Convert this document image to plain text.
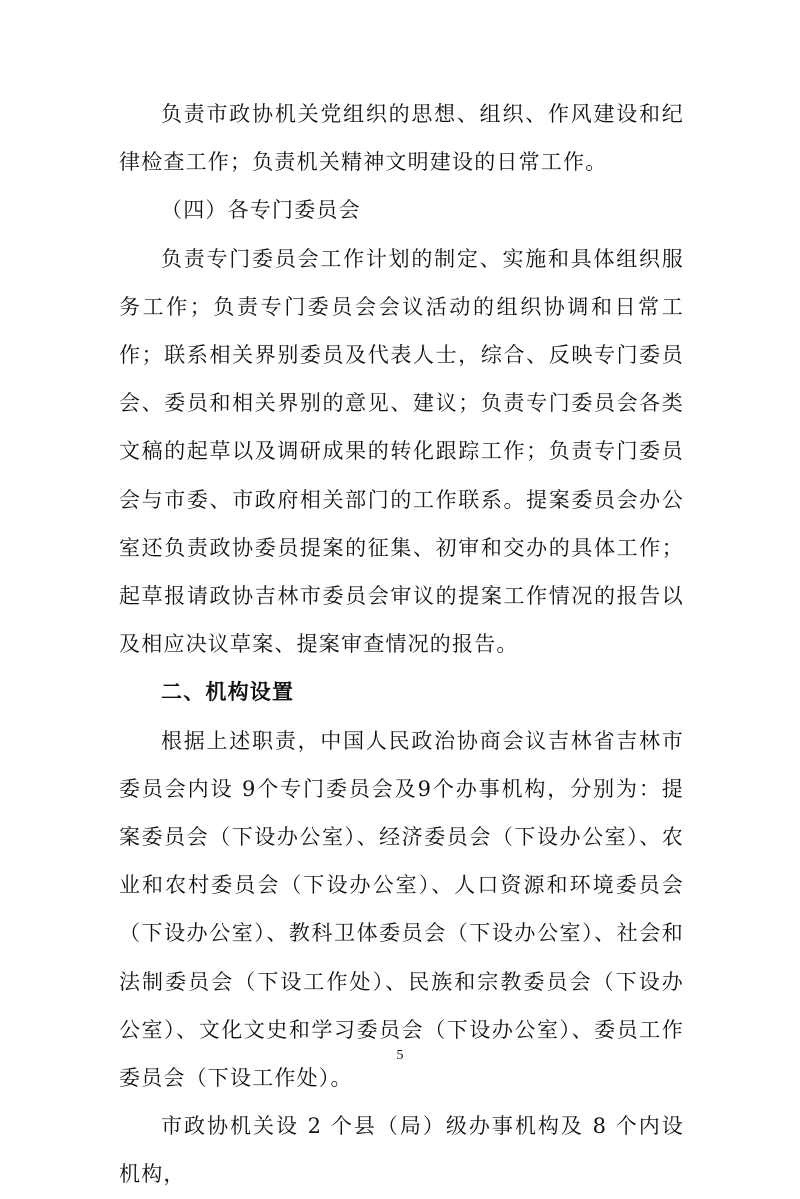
负责市政协机关党组织的思想、组织、作风建设和纪律检查工作；负责机关精神文明建设的日常工作。

（四）各专门委员会

负责专门委员会工作计划的制定、实施和具体组织服务工作；负责专门委员会会议活动的组织协调和日常工作；联系相关界别委员及代表人士，综合、反映专门委员会、委员和相关界别的意见、建议；负责专门委员会各类文稿的起草以及调研成果的转化跟踪工作；负责专门委员会与市委、市政府相关部门的工作联系。提案委员会办公室还负责政协委员提案的征集、初审和交办的具体工作；起草报请政协吉林市委员会审议的提案工作情况的报告以及相应决议草案、提案审查情况的报告。

二、机构设置

根据上述职责，中国人民政治协商会议吉林省吉林市委员会内设 9个专门委员会及9个办事机构，分别为：提案委员会（下设办公室）、经济委员会（下设办公室）、农业和农村委员会（下设办公室）、人口资源和环境委员会（下设办公室）、教科卫体委员会（下设办公室）、社会和法制委员会（下设工作处）、民族和宗教委员会（下设办公室）、文化文史和学习委员会（下设办公室）、委员工作委员会（下设工作处）。

市政协机关设 2 个县（局）级办事机构及 8 个内设机构，

5
